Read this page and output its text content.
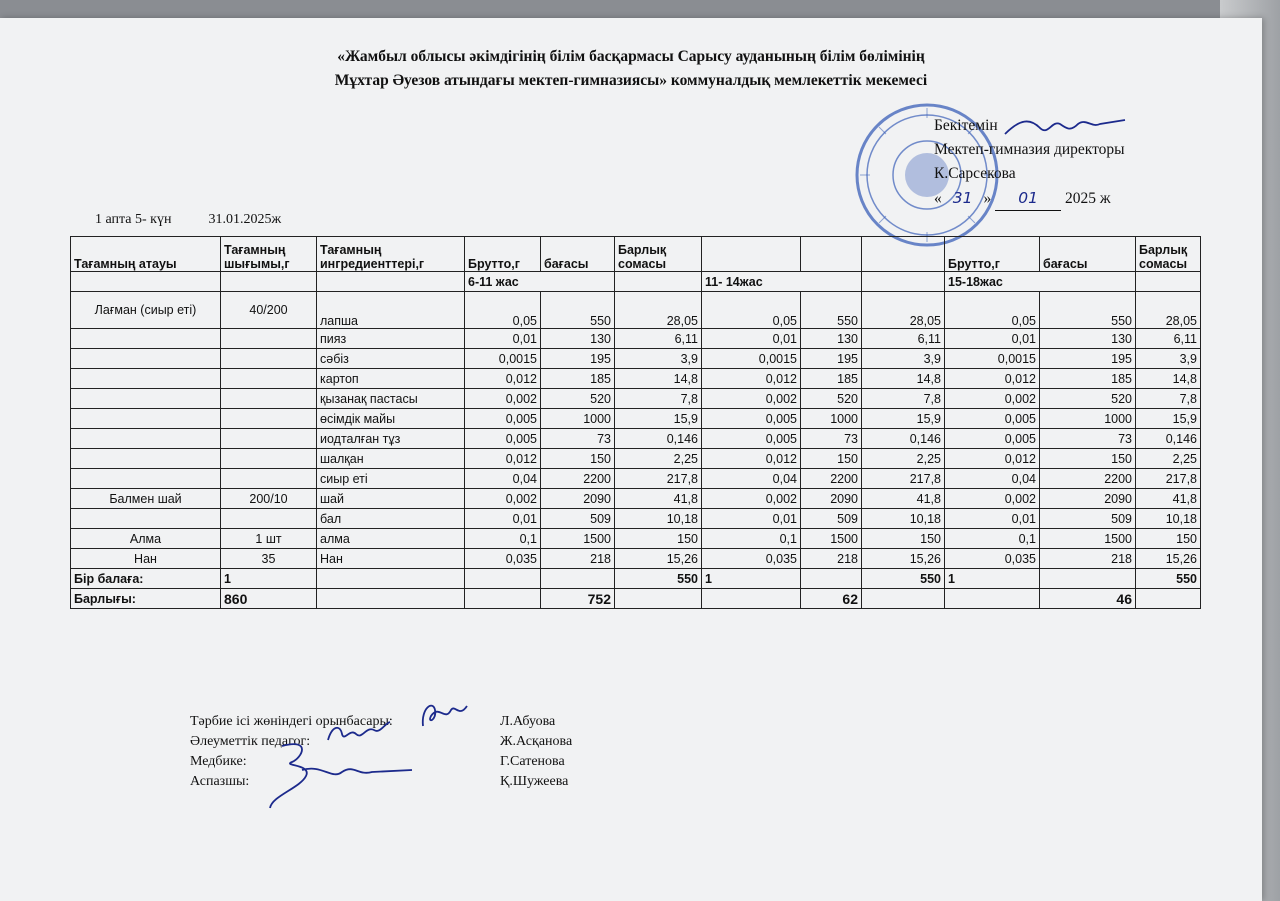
«Жамбыл облысы әкімдігінің білім басқармасы Сарысу ауданының білім бөлімінің
Мұхтар Әуезов атындағы мектеп-гимназиясы» коммуналдық мемлекеттік мекемесі
Бекітемін
Мектеп-гимназия директоры
К.Сарсекова
« 31 » 01 2025 ж
1 апта 5- күн	31.01.2025ж
Тағамның атауы	Тағамның шығымы,г	Тағамның ингредиенттері,г	Брутто,г	бағасы	Барлық сомасы				Брутто,г	бағасы	Барлық сомасы
			6-11 жас			11- 14жас			15-18жас		
Лағман (сиыр еті)	40/200	лапша	0,05	550	28,05	0,05	550	28,05	0,05	550	28,05
		пияз	0,01	130	6,11	0,01	130	6,11	0,01	130	6,11
		сәбіз	0,0015	195	3,9	0,0015	195	3,9	0,0015	195	3,9
		картоп	0,012	185	14,8	0,012	185	14,8	0,012	185	14,8
		қызанақ пастасы	0,002	520	7,8	0,002	520	7,8	0,002	520	7,8
		өсімдік майы	0,005	1000	15,9	0,005	1000	15,9	0,005	1000	15,9
		иодталған тұз	0,005	73	0,146	0,005	73	0,146	0,005	73	0,146
		шалқан	0,012	150	2,25	0,012	150	2,25	0,012	150	2,25
		сиыр еті	0,04	2200	217,8	0,04	2200	217,8	0,04	2200	217,8
Балмен шай	200/10	шай	0,002	2090	41,8	0,002	2090	41,8	0,002	2090	41,8
		бал	0,01	509	10,18	0,01	509	10,18	0,01	509	10,18
Алма	1 шт	алма	0,1	1500	150	0,1	1500	150	0,1	1500	150
Нан	35	Нан	0,035	218	15,26	0,035	218	15,26	0,035	218	15,26
Бір балаға:	1				550	1		550	1		550
Барлығы:	860			752			62			46	
Тәрбие ісі жөніндегі орынбасары:	Л.Абуова
Әлеуметтік педагог:	Ж.Асқанова
Медбике:	Г.Сатенова
Аспазшы:	Қ.Шужеева
